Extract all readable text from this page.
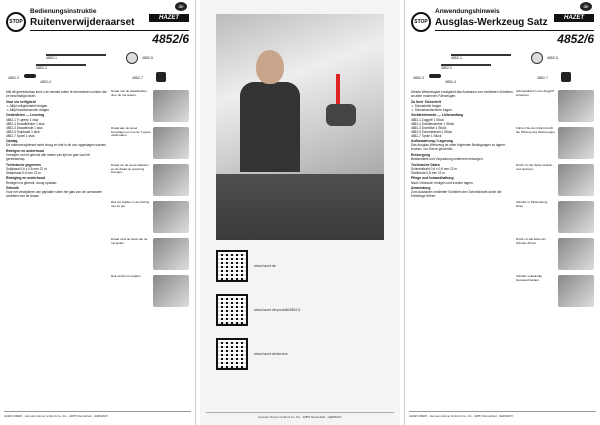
STOP
Bedienungsinstruktie
Ruitenverwijderaarset
de
HAZET
4852/6
4852-1
4852-2
4852-3
4852-4
4852-5
4852-7

Met dit gereedschap kunt u de meeste ruiten te demonteren zonder dat ze beschadigd raken.

Voor uw veiligheid

⚠ Altijd veiligheidsbril dragen.

⚠ Altijd handschoenen dragen.

Onderdelen — Levering

4852-1 Tr-greep 1 stuk

4852-4 Draadtrekker 1 stuk

4852-3 Draadeinde 1 stuk

4852-5 Snijdraad 1 stuk

4852-7 Spoel 1 stuk

Opslag

De ruitenverwijderset moet droog en niet in de zon opgeslagen worden.

Reinigen en onderhoud

Verwijder na het gebruik alle resten van lijm en glas van het gereedschap.

Technische gegevens

Snijdraad 0,6 x 0,8 mm 22 m

Staaldraad 0,8 mm 22 m

Reiniging en onderhoud

Reinigen na gebruik, droog opslaan.

Gebruik

Voor het verwijderen van geplakte ruiten het glas van de carrosserie scheiden met de draad.

Draad met de draadtrekker door de ruit steken.
Draad aan de spoel bevestigen en met de T-greep vasthouden.
Draad om de spoel wikkelen en de draad op spanning brengen.
Ruit los snijden in de richting van de pijl.
Draad rond de hoek van de ruit leiden.
Ruit verder los snijden.
HAZET-WERK · Hermann Zerver GmbH & Co. KG · 42857 Remscheid · GERMANY
www.hazet.de
www.hazet.de/produkt/4852-6
www.hazet.de/service
Hermann Zerver GmbH & Co. KG · 42857 Remscheid · GERMANY
STOP
Anwendungshinweis
Ausglas-Werkzeug Satz
de
HAZET
4852/6
4852-1
4852-2
4852-3
4852-4
4852-5
4852-7

Dieses Werkzeugset ermöglicht das Ausbauen von verklebten Scheiben an allen modernen Fahrzeugen.

Zu Ihrer Sicherheit

⚠ Schutzbrille tragen.

⚠ Schutzhandschuhe tragen.

Geräteelemente — Lieferumfang

4852-1 Zuggriff 1 Stück

4852-4 Drahteinzieher 1 Stück

4852-3 Drahtöse 1 Stück

4852-5 Schneiddraht 1 Stück

4852-7 Spule 1 Stück

Aufbewahrung / Lagerung

Das Ausglas-Werkzeug ist unter folgenden Bedingungen zu lagern: trocken, vor Sonne geschützt.

Entsorgung

Bestandteile und Verpackung sortenrein entsorgen.

Technische Daten

Schneiddraht 0,6 x 0,8 mm 22 m

Stahldraht 0,8 mm 22 m

Pflege und Instandhaltung

Nach Gebrauch reinigen und trocken lagern.

Anwendung

Zum Ausbauen verklebter Scheiben den Schneiddraht durch die Klebefuge führen.

Schneiddraht in den Zuggriff einsetzen.
Führen Sie den Draht durch die Öffnung des Werkzeuges.
Draht um die Spule wickeln und spannen.
Scheibe in Pfeilrichtung lösen.
Draht um die Ecke der Scheibe führen.
Scheibe vollständig herausschneiden.
HAZET-WERK · Hermann Zerver GmbH & Co. KG · 42857 Remscheid · GERMANY
